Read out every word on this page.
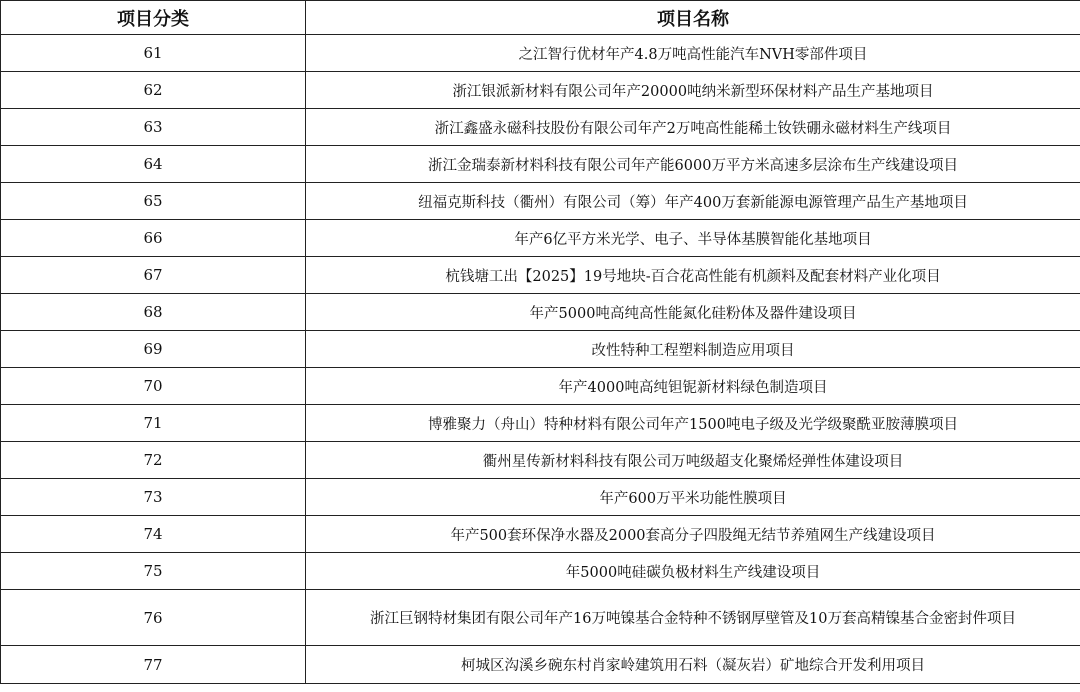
项目分类	项目名称
61	之江智行优材年产4.8万吨高性能汽车NVH零部件项目
62	浙江银派新材料有限公司年产20000吨纳米新型环保材料产品生产基地项目
63	浙江鑫盛永磁科技股份有限公司年产2万吨高性能稀土钕铁硼永磁材料生产线项目
64	浙江金瑞泰新材料科技有限公司年产能6000万平方米高速多层涂布生产线建设项目
65	纽福克斯科技（衢州）有限公司（筹）年产400万套新能源电源管理产品生产基地项目
66	年产6亿平方米光学、电子、半导体基膜智能化基地项目
67	杭钱塘工出【2025】19号地块-百合花高性能有机颜料及配套材料产业化项目
68	年产5000吨高纯高性能氮化硅粉体及器件建设项目
69	改性特种工程塑料制造应用项目
70	年产4000吨高纯钽铌新材料绿色制造项目
71	博雅聚力（舟山）特种材料有限公司年产1500吨电子级及光学级聚酰亚胺薄膜项目
72	衢州星传新材料科技有限公司万吨级超支化聚烯烃弹性体建设项目
73	年产600万平米功能性膜项目
74	年产500套环保净水器及2000套高分子四股绳无结节养殖网生产线建设项目
75	年5000吨硅碳负极材料生产线建设项目
76	浙江巨钢特材集团有限公司年产16万吨镍基合金特种不锈钢厚壁管及10万套高精镍基合金密封件项目
77	柯城区沟溪乡碗东村肖家岭建筑用石料（凝灰岩）矿地综合开发利用项目
